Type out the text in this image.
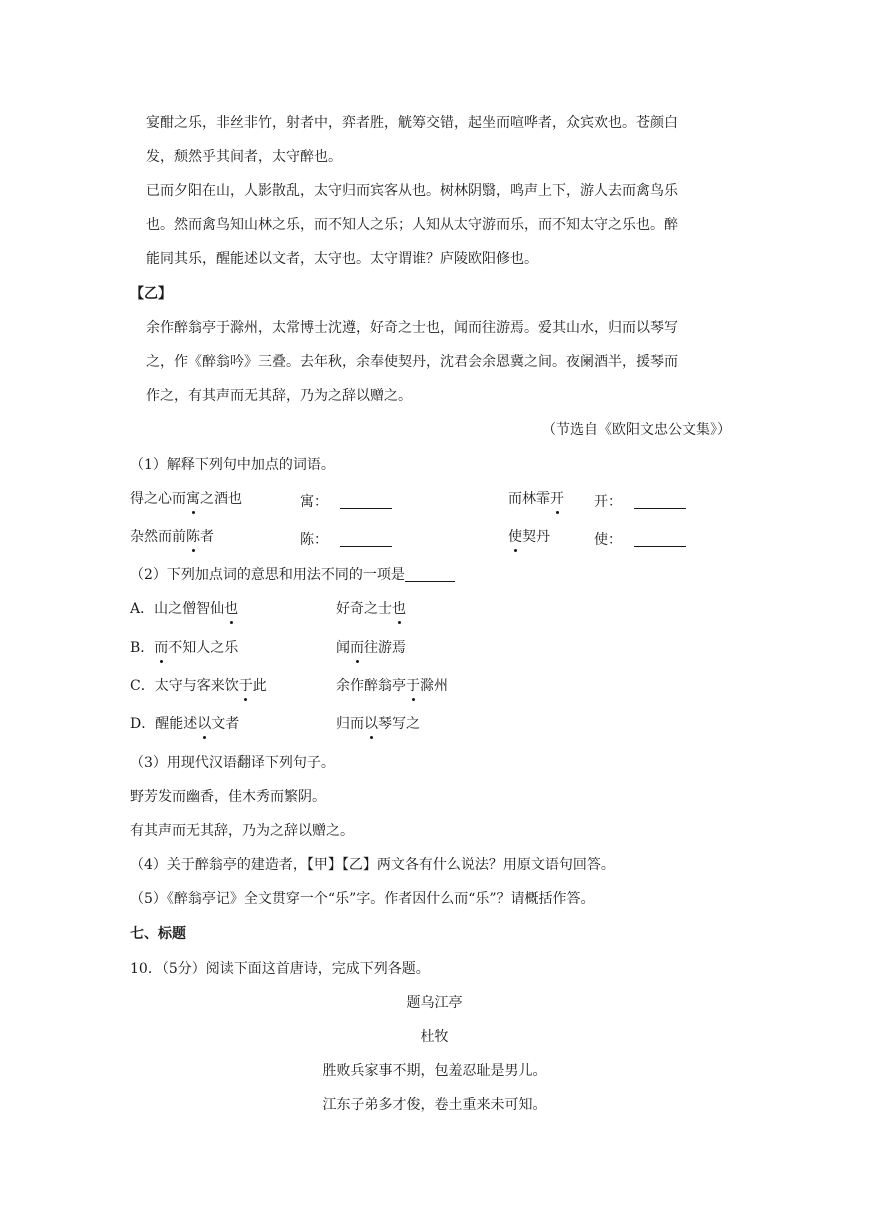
宴酣之乐，非丝非竹，射者中，弈者胜，觥筹交错，起坐而喧哗者，众宾欢也。苍颜白
发，颓然乎其间者，太守醉也。
已而夕阳在山，人影散乱，太守归而宾客从也。树林阴翳，鸣声上下，游人去而禽鸟乐
也。然而禽鸟知山林之乐，而不知人之乐；人知从太守游而乐，而不知太守之乐也。醉
能同其乐，醒能述以文者，太守也。太守谓谁？庐陵欧阳修也。
【乙】
余作醉翁亭于滁州，太常博士沈遵，好奇之士也，闻而往游焉。爱其山水，归而以琴写
之，作《醉翁吟》三叠。去年秋，余奉使契丹，沈君会余恩冀之间。夜阑酒半，援琴而
作之，有其声而无其辞，乃为之辞以赠之。
（节选自《欧阳文忠公文集》）
（1）解释下列句中加点的词语。
得之心而寓之酒也	寓：	而林霏开 开：
杂然而前陈者	陈：	使契丹	使：
（2）下列加点词的意思和用法不同的一项是
A．山之僧智仙也	好奇之士也
B．而不知人之乐	闻而往游焉
C．太守与客来饮于此	余作醉翁亭于滁州
D．醒能述以文者	归而以琴写之
（3）用现代汉语翻译下列句子。
野芳发而幽香，佳木秀而繁阴。
有其声而无其辞，乃为之辞以赠之。
（4）关于醉翁亭的建造者，【甲】【乙】两文各有什么说法？用原文语句回答。
（5）《醉翁亭记》全文贯穿一个“乐”字。作者因什么而“乐”？请概括作答。
七、标题
10．（5分）阅读下面这首唐诗，完成下列各题。
题乌江亭
杜牧
胜败兵家事不期，包羞忍耻是男儿。
江东子弟多才俊，卷土重来未可知。
